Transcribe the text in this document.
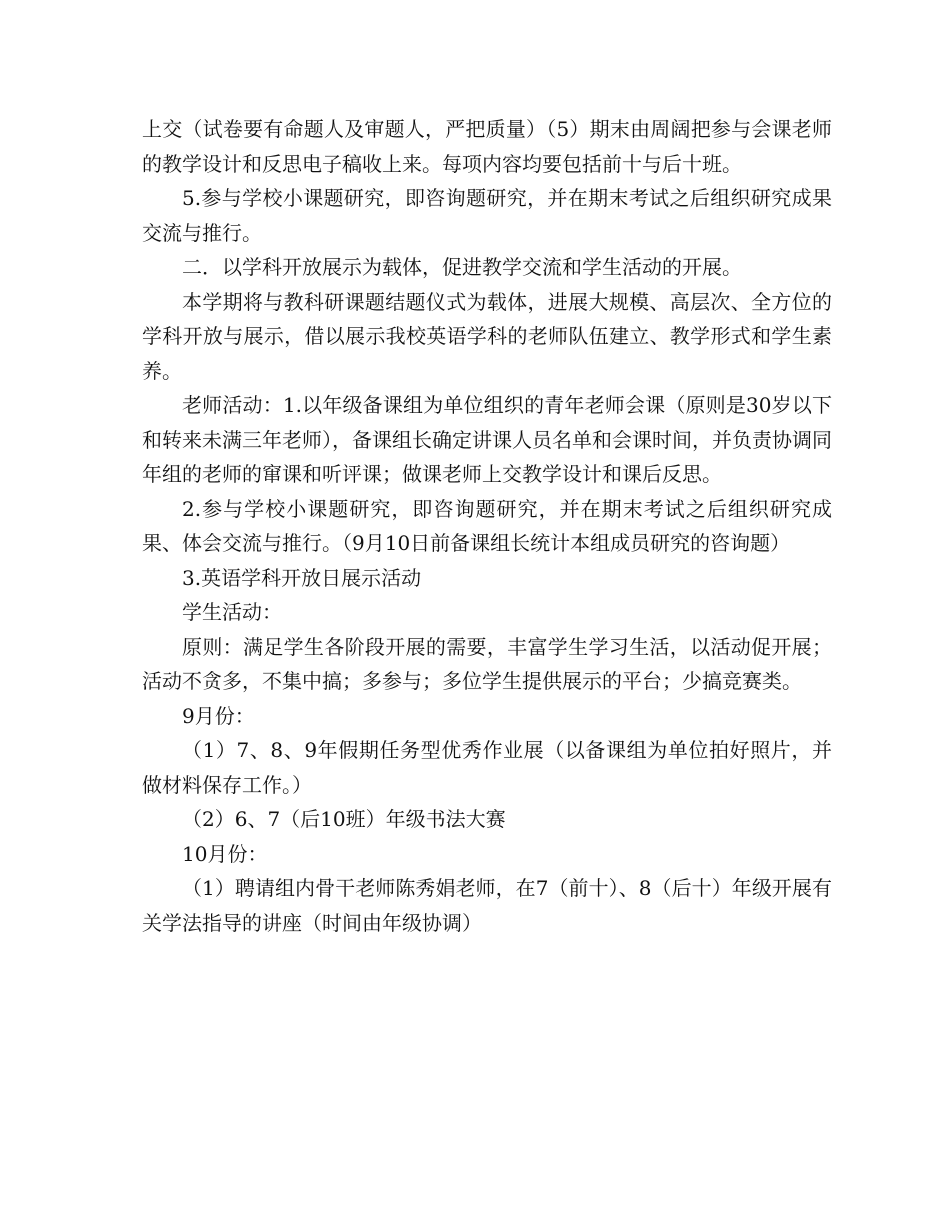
上交（试卷要有命题人及审题人，严把质量）（5）期末由周阔把参与会课老师的教学设计和反思电子稿收上来。每项内容均要包括前十与后十班。

5.参与学校小课题研究，即咨询题研究，并在期末考试之后组织研究成果交流与推行。

二．以学科开放展示为载体，促进教学交流和学生活动的开展。

本学期将与教科研课题结题仪式为载体，进展大规模、高层次、全方位的学科开放与展示，借以展示我校英语学科的老师队伍建立、教学形式和学生素养。

老师活动：1.以年级备课组为单位组织的青年老师会课（原则是30岁以下和转来未满三年老师），备课组长确定讲课人员名单和会课时间，并负责协调同年组的老师的窜课和听评课；做课老师上交教学设计和课后反思。

2.参与学校小课题研究，即咨询题研究，并在期末考试之后组织研究成果、体会交流与推行。（9月10日前备课组长统计本组成员研究的咨询题）

3.英语学科开放日展示活动

学生活动：

原则：满足学生各阶段开展的需要，丰富学生学习生活，以活动促开展；活动不贪多，不集中搞；多参与；多位学生提供展示的平台；少搞竞赛类。

9月份：

（1）7、8、9年假期任务型优秀作业展（以备课组为单位拍好照片，并做材料保存工作。）

（2）6、7（后10班）年级书法大赛

10月份：

（1）聘请组内骨干老师陈秀娟老师，在7（前十）、8（后十）年级开展有关学法指导的讲座（时间由年级协调）
